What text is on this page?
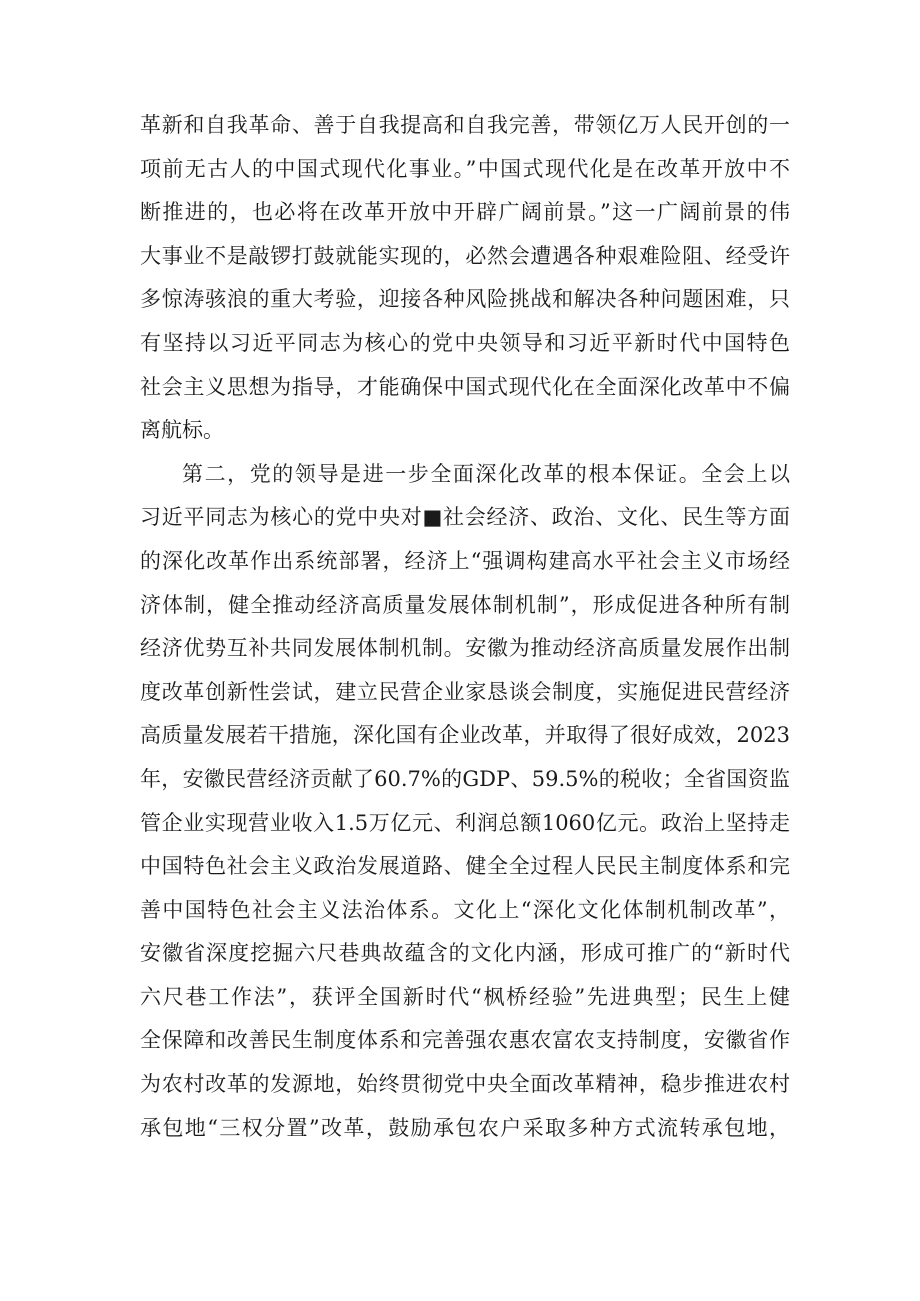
革新和自我革命、善于自我提高和自我完善，带领亿万人民开创的一
项前无古人的中国式现代化事业。”中国式现代化是在改革开放中不
断推进的，也必将在改革开放中开辟广阔前景。”这一广阔前景的伟
大事业不是敲锣打鼓就能实现的，必然会遭遇各种艰难险阻、经受许
多惊涛骇浪的重大考验，迎接各种风险挑战和解决各种问题困难，只
有坚持以习近平同志为核心的党中央领导和习近平新时代中国特色
社会主义思想为指导，才能确保中国式现代化在全面深化改革中不偏
离航标。
第二，党的领导是进一步全面深化改革的根本保证。全会上以
习近平同志为核心的党中央对■社会经济、政治、文化、民生等方面
的深化改革作出系统部署，经济上“强调构建高水平社会主义市场经
济体制，健全推动经济高质量发展体制机制”，形成促进各种所有制
经济优势互补共同发展体制机制。安徽为推动经济高质量发展作出制
度改革创新性尝试，建立民营企业家恳谈会制度，实施促进民营经济
高质量发展若干措施，深化国有企业改革，并取得了很好成效，2023
年，安徽民营经济贡献了60.7%的GDP、59.5%的税收；全省国资监
管企业实现营业收入1.5万亿元、利润总额1060亿元。政治上坚持走
中国特色社会主义政治发展道路、健全全过程人民民主制度体系和完
善中国特色社会主义法治体系。文化上“深化文化体制机制改革”，
安徽省深度挖掘六尺巷典故蕴含的文化内涵，形成可推广的“新时代
六尺巷工作法”，获评全国新时代“枫桥经验”先进典型；民生上健
全保障和改善民生制度体系和完善强农惠农富农支持制度，安徽省作
为农村改革的发源地，始终贯彻党中央全面改革精神，稳步推进农村
承包地“三权分置”改革，鼓励承包农户采取多种方式流转承包地，
